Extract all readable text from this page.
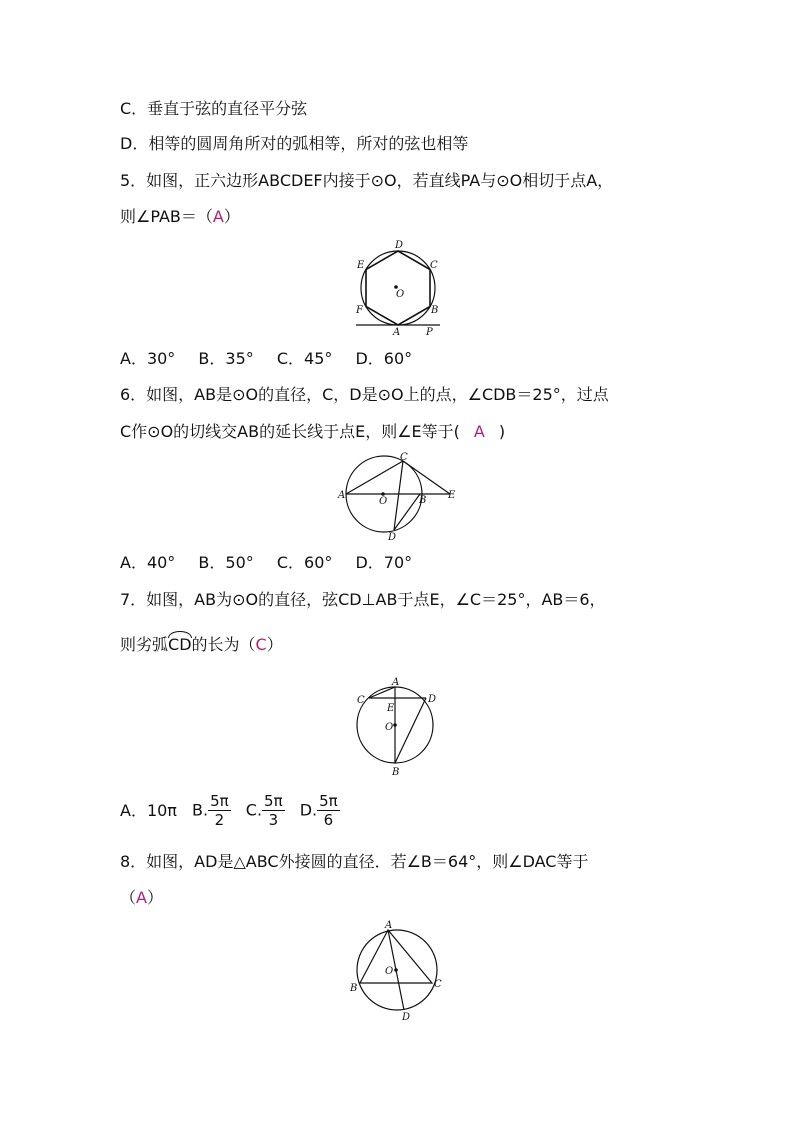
C．垂直于弦的直径平分弦
D．相等的圆周角所对的弧相等，所对的弦也相等
5．如图，正六边形ABCDEF内接于⊙O，若直线PA与⊙O相切于点A，
则∠PAB＝（A）
D
C
E
O
F	B
A	P
A．30° B．35° C．45° D．60°
6．如图，AB是⊙O的直径，C，D是⊙O上的点，∠CDB＝25°，过点
C作⊙O的切线交AB的延长线于点E，则∠E等于( A )
C
A
O	B E
D
A．40° B．50° C．60° D．70°
7．如图，AB为⊙O的直径，弦CD⊥AB于点E，∠C＝25°，AB＝6，
则劣弧CD的长为（C）
A
C	D
E
O
B
A．10π B. $\frac{5\pi}{2} C$. $\frac{5\pi}{3} D$. $\frac{5\pi}{6}$
8．如图，AD是△ABC外接圆的直径．若∠B＝64°，则∠DAC等于
（A）
A
O
B	C
D
